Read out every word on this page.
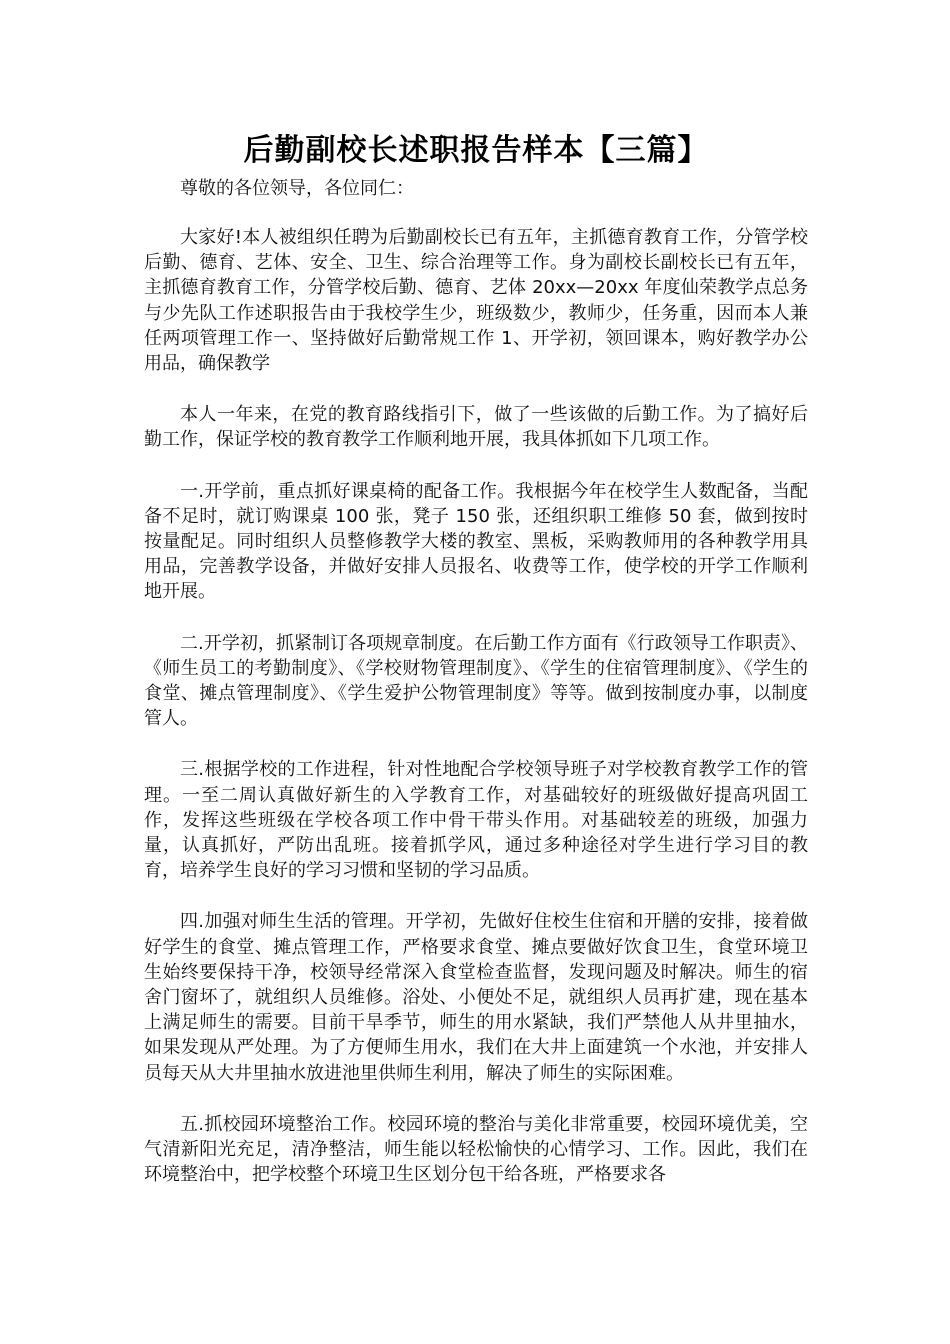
后勤副校长述职报告样本【三篇】

尊敬的各位领导，各位同仁：

大家好!本人被组织任聘为后勤副校长已有五年，主抓德育教育工作，分管学校后勤、德育、艺体、安全、卫生、综合治理等工作。身为副校长副校长已有五年，主抓德育教育工作，分管学校后勤、德育、艺体 20xx—20xx 年度仙荣教学点总务与少先队工作述职报告由于我校学生少，班级数少，教师少，任务重，因而本人兼任两项管理工作一、坚持做好后勤常规工作 1、开学初，领回课本，购好教学办公用品，确保教学

本人一年来，在党的教育路线指引下，做了一些该做的后勤工作。为了搞好后勤工作，保证学校的教育教学工作顺利地开展，我具体抓如下几项工作。

一.开学前，重点抓好课桌椅的配备工作。我根据今年在校学生人数配备，当配备不足时，就订购课桌 100 张，凳子 150 张，还组织职工维修 50 套，做到按时按量配足。同时组织人员整修教学大楼的教室、黑板，采购教师用的各种教学用具用品，完善教学设备，并做好安排人员报名、收费等工作，使学校的开学工作顺利地开展。

二.开学初，抓紧制订各项规章制度。在后勤工作方面有《行政领导工作职责》、《师生员工的考勤制度》、《学校财物管理制度》、《学生的住宿管理制度》、《学生的食堂、摊点管理制度》、《学生爱护公物管理制度》等等。做到按制度办事，以制度管人。

三.根据学校的工作进程，针对性地配合学校领导班子对学校教育教学工作的管理。一至二周认真做好新生的入学教育工作，对基础较好的班级做好提高巩固工作，发挥这些班级在学校各项工作中骨干带头作用。对基础较差的班级，加强力量，认真抓好，严防出乱班。接着抓学风，通过多种途径对学生进行学习目的教育，培养学生良好的学习习惯和坚韧的学习品质。

四.加强对师生生活的管理。开学初，先做好住校生住宿和开膳的安排，接着做好学生的食堂、摊点管理工作，严格要求食堂、摊点要做好饮食卫生，食堂环境卫生始终要保持干净，校领导经常深入食堂检查监督，发现问题及时解决。师生的宿舍门窗坏了，就组织人员维修。浴处、小便处不足，就组织人员再扩建，现在基本上满足师生的需要。目前干旱季节，师生的用水紧缺，我们严禁他人从井里抽水，如果发现从严处理。为了方便师生用水，我们在大井上面建筑一个水池，并安排人员每天从大井里抽水放进池里供师生利用，解决了师生的实际困难。

五.抓校园环境整治工作。校园环境的整治与美化非常重要，校园环境优美，空气清新阳光充足，清净整洁，师生能以轻松愉快的心情学习、工作。因此，我们在环境整治中，把学校整个环境卫生区划分包干给各班，严格要求各
